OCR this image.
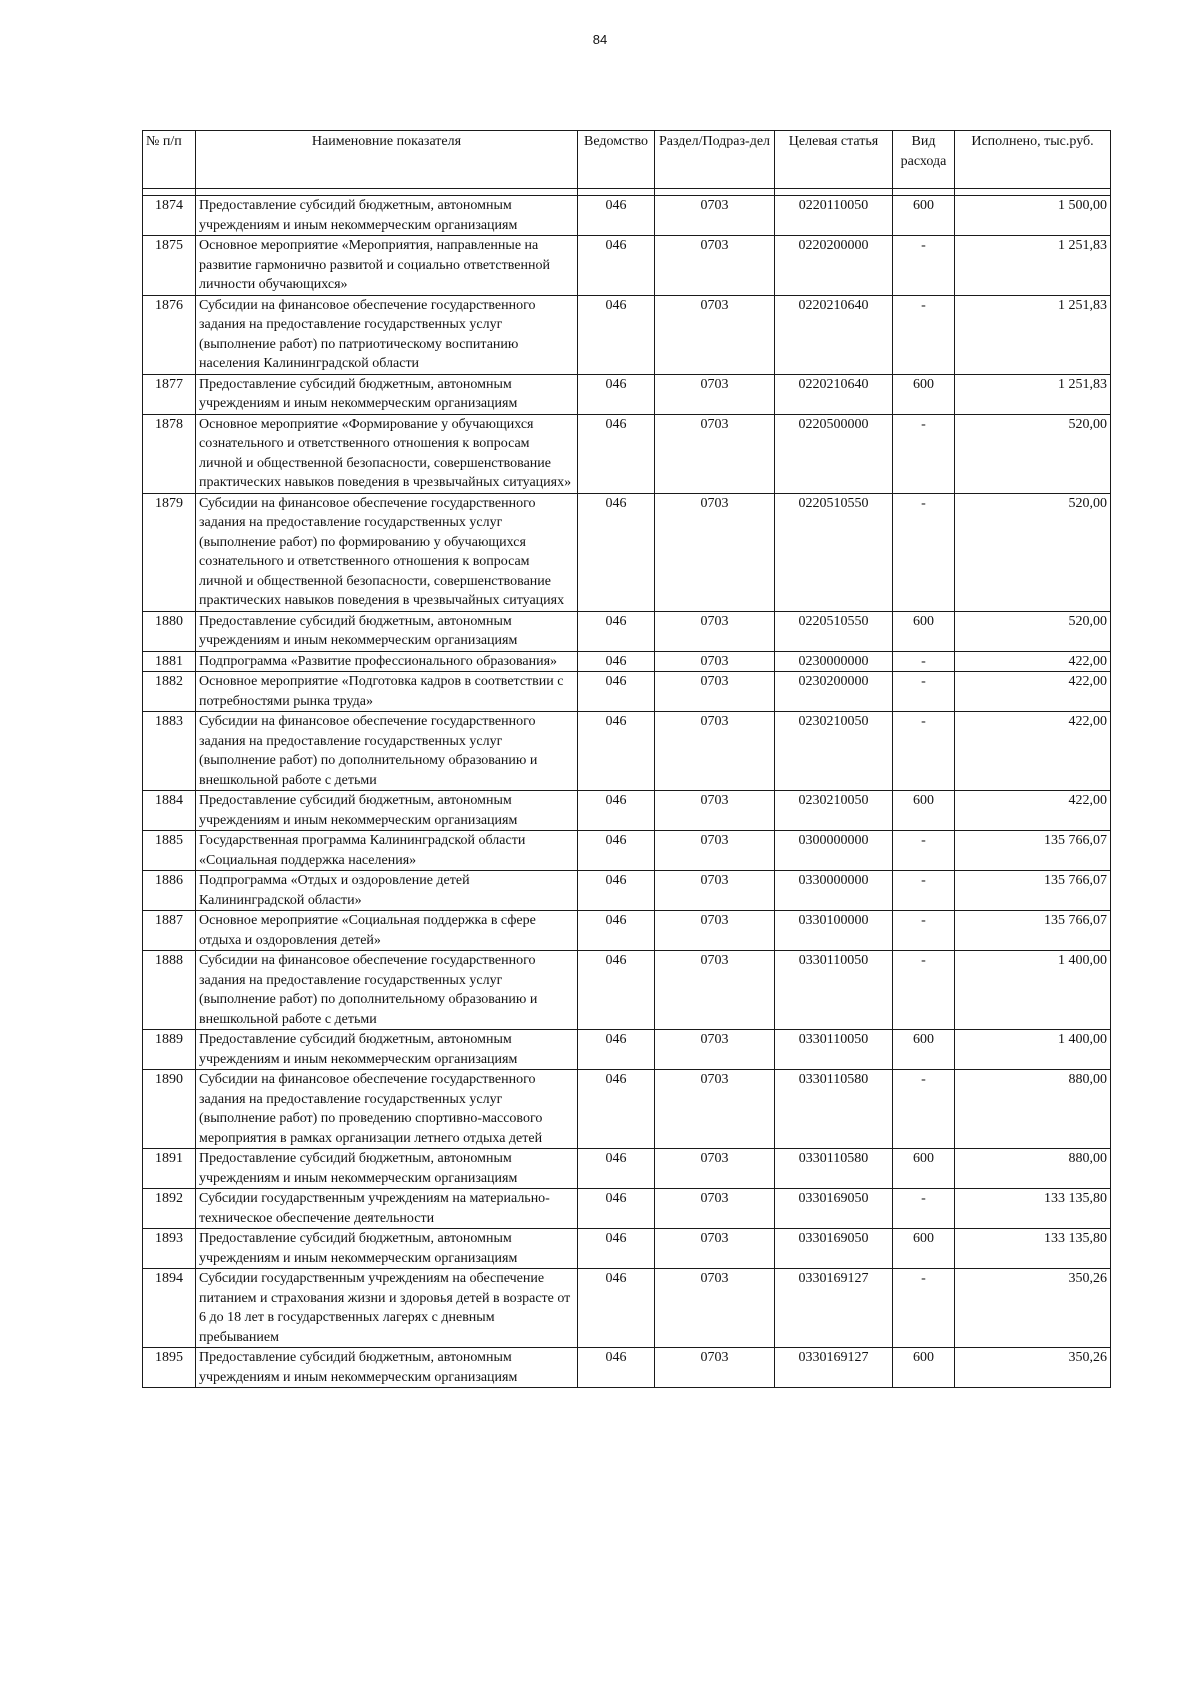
84
№ п/п	Наименовние показателя	Ведомство	Раздел/Подраз-дел	Целевая статья	Вид расхода	Исполнено, тыс.руб.

1874	Предоставление субсидий бюджетным, автономным учреждениям и иным некоммерческим организациям	046	0703	0220110050	600	1 500,00
1875	Основное мероприятие «Мероприятия, направленные на развитие гармонично развитой и социально ответственной личности обучающихся»	046	0703	0220200000	-	1 251,83
1876	Субсидии на финансовое обеспечение государственного задания на предоставление государственных услуг (выполнение работ) по патриотическому воспитанию населения Калининградской области	046	0703	0220210640	-	1 251,83
1877	Предоставление субсидий бюджетным, автономным учреждениям и иным некоммерческим организациям	046	0703	0220210640	600	1 251,83
1878	Основное мероприятие «Формирование у обучающихся сознательного и ответственного отношения к вопросам личной и общественной безопасности, совершенствование практических навыков поведения в чрезвычайных ситуациях»	046	0703	0220500000	-	520,00
1879	Субсидии на финансовое обеспечение государственного задания на предоставление государственных услуг (выполнение работ) по формированию у обучающихся сознательного и ответственного отношения к вопросам личной и общественной безопасности, совершенствование практических навыков поведения в чрезвычайных ситуациях	046	0703	0220510550	-	520,00
1880	Предоставление субсидий бюджетным, автономным учреждениям и иным некоммерческим организациям	046	0703	0220510550	600	520,00
1881	Подпрограмма «Развитие профессионального образования»	046	0703	0230000000	-	422,00
1882	Основное мероприятие «Подготовка кадров в соответствии с потребностями рынка труда»	046	0703	0230200000	-	422,00
1883	Субсидии на финансовое обеспечение государственного задания на предоставление государственных услуг (выполнение работ) по дополнительному образованию и внешкольной работе с детьми	046	0703	0230210050	-	422,00
1884	Предоставление субсидий бюджетным, автономным учреждениям и иным некоммерческим организациям	046	0703	0230210050	600	422,00
1885	Государственная программа Калининградской области «Социальная поддержка населения»	046	0703	0300000000	-	135 766,07
1886	Подпрограмма «Отдых и оздоровление детей Калининградской области»	046	0703	0330000000	-	135 766,07
1887	Основное мероприятие «Социальная поддержка в сфере отдыха и оздоровления детей»	046	0703	0330100000	-	135 766,07
1888	Субсидии на финансовое обеспечение государственного задания на предоставление государственных услуг (выполнение работ) по дополнительному образованию и внешкольной работе с детьми	046	0703	0330110050	-	1 400,00
1889	Предоставление субсидий бюджетным, автономным учреждениям и иным некоммерческим организациям	046	0703	0330110050	600	1 400,00
1890	Субсидии на финансовое обеспечение государственного задания на предоставление государственных услуг (выполнение работ) по проведению спортивно-массового мероприятия в рамках организации летнего отдыха детей	046	0703	0330110580	-	880,00
1891	Предоставление субсидий бюджетным, автономным учреждениям и иным некоммерческим организациям	046	0703	0330110580	600	880,00
1892	Субсидии государственным учреждениям на материально-техническое обеспечение деятельности	046	0703	0330169050	-	133 135,80
1893	Предоставление субсидий бюджетным, автономным учреждениям и иным некоммерческим организациям	046	0703	0330169050	600	133 135,80
1894	Субсидии государственным учреждениям на обеспечение питанием и страхования жизни и здоровья детей в возрасте от 6 до 18 лет в государственных лагерях с дневным пребыванием	046	0703	0330169127	-	350,26
1895	Предоставление субсидий бюджетным, автономным учреждениям и иным некоммерческим организациям	046	0703	0330169127	600	350,26
